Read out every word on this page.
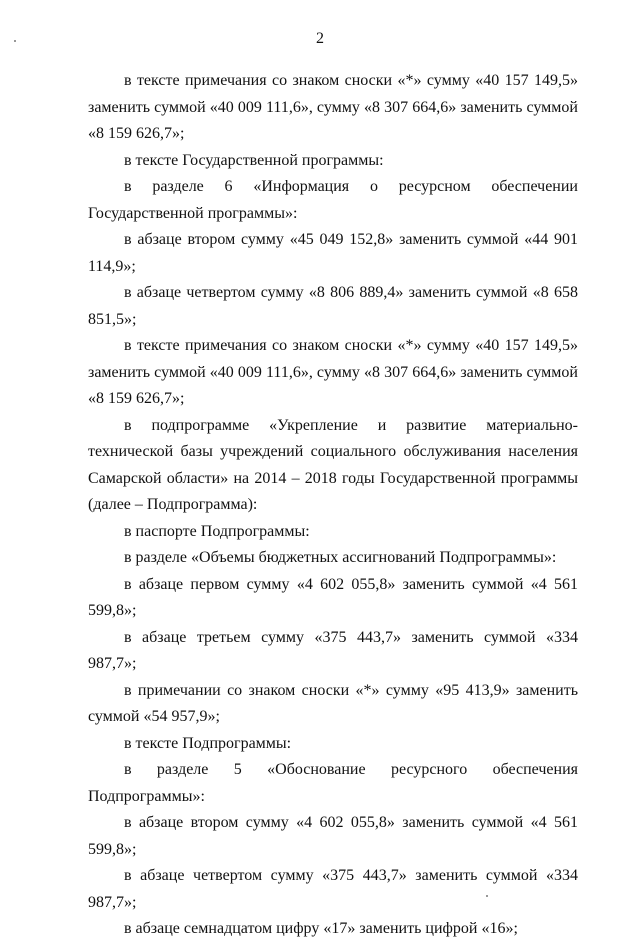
2

в тексте примечания со знаком сноски «*» сумму «40 157 149,5» заменить суммой «40 009 111,6», сумму «8 307 664,6» заменить суммой «8 159 626,7»;

в тексте Государственной программы:

в разделе 6 «Информация о ресурсном обеспечении Государственной программы»:

в абзаце втором сумму «45 049 152,8» заменить суммой «44 901 114,9»;

в абзаце четвертом сумму «8 806 889,4» заменить суммой «8 658 851,5»;

в тексте примечания со знаком сноски «*» сумму «40 157 149,5» заменить суммой «40 009 111,6», сумму «8 307 664,6» заменить суммой «8 159 626,7»;

в подпрограмме «Укрепление и развитие материально-технической базы учреждений социального обслуживания населения Самарской области» на 2014 – 2018 годы Государственной программы (далее – Подпрограмма):

в паспорте Подпрограммы:

в разделе «Объемы бюджетных ассигнований Подпрограммы»:

в абзаце первом сумму «4 602 055,8» заменить суммой «4 561 599,8»;

в абзаце третьем сумму «375 443,7» заменить суммой «334 987,7»;

в примечании со знаком сноски «*» сумму «95 413,9» заменить суммой «54 957,9»;

в тексте Подпрограммы:

в разделе 5 «Обоснование ресурсного обеспечения Подпрограммы»:

в абзаце втором сумму «4 602 055,8» заменить суммой «4 561 599,8»;

в абзаце четвертом сумму «375 443,7» заменить суммой «334 987,7»;

в абзаце семнадцатом цифру «17» заменить цифрой «16»;
